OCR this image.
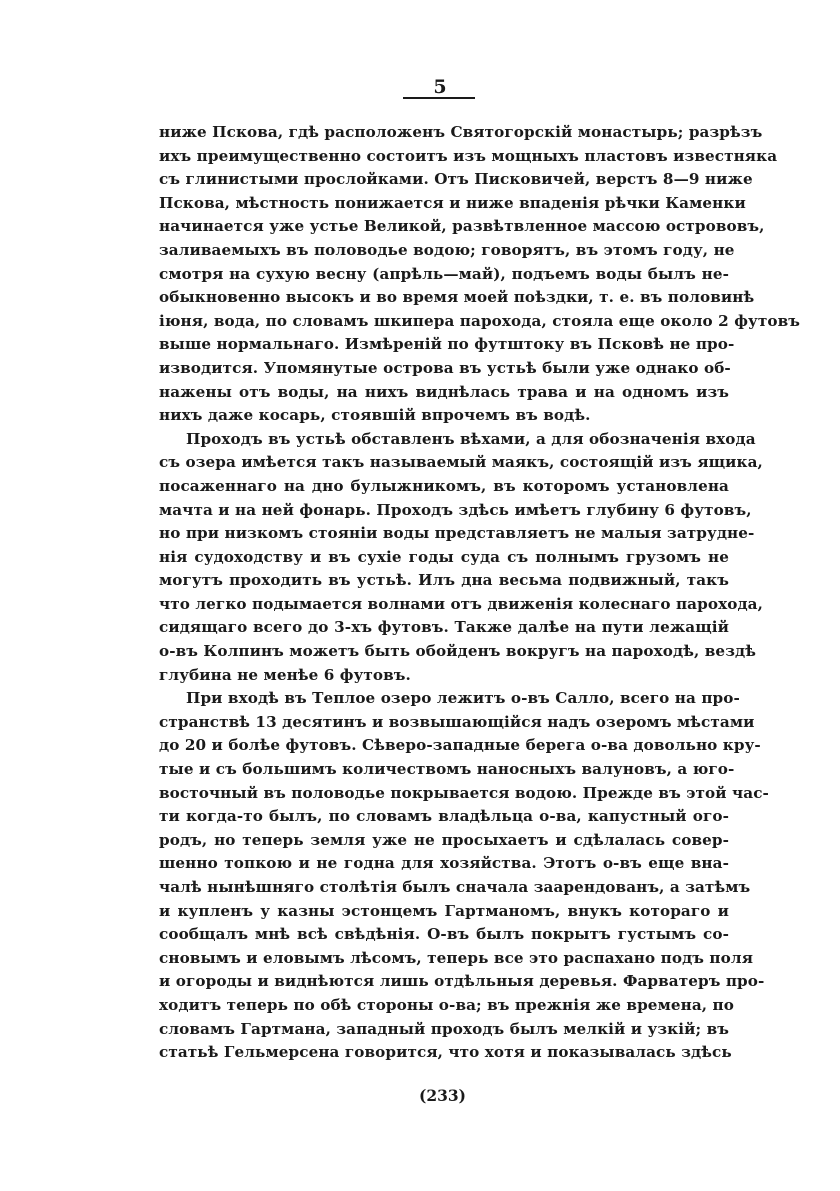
5
ниже Пскова, гдѣ расположенъ Святогорскій монастырь; разрѣзъ
ихъ преимущественно состоитъ изъ мощныхъ пластовъ известняка
съ глинистыми прослойками. Отъ Писковичей, верстъ 8—9 ниже
Пскова, мѣстность понижается и ниже впаденія рѣчки Каменки
начинается уже устье Великой, развѣтвленное массою острововъ,
заливаемыхъ въ половодье водою; говорятъ, въ этомъ году, не
смотря на сухую весну (апрѣль—май), подъемъ воды былъ не-
обыкновенно высокъ и во время моей поѣздки, т. е. въ половинѣ
іюня, вода, по словамъ шкипера парохода, стояла еще около 2 футовъ
выше нормальнаго. Измѣреній по футштоку въ Псковѣ не про-
изводится. Упомянутые острова въ устьѣ были уже однако об-
нажены отъ воды, на нихъ виднѣлась трава и на одномъ изъ
нихъ даже косарь, стоявшій впрочемъ въ водѣ.
Проходъ въ устьѣ обставленъ вѣхами, а для обозначенія входа
съ озера имѣется такъ называемый маякъ, состоящій изъ ящика,
посаженнаго на дно булыжникомъ, въ которомъ установлена
мачта и на ней фонарь. Проходъ здѣсь имѣетъ глубину 6 футовъ,
но при низкомъ стояніи воды представляетъ не малыя затрудне-
нія судоходству и въ сухіе годы суда съ полнымъ грузомъ не
могутъ проходить въ устьѣ. Илъ дна весьма подвижный, такъ
что легко подымается волнами отъ движенія колеснаго парохода,
сидящаго всего до 3-хъ футовъ. Также далѣе на пути лежащій
о-въ Колпинъ можетъ быть обойденъ вокругъ на пароходѣ, вездѣ
глубина не менѣе 6 футовъ.
При входѣ въ Теплое озеро лежитъ о-въ Салло, всего на про-
странствѣ 13 десятинъ и возвышающійся надъ озеромъ мѣстами
до 20 и болѣе футовъ. Сѣверо-западные берега о-ва довольно кру-
тые и съ большимъ количествомъ наносныхъ валуновъ, а юго-
восточный въ половодье покрывается водою. Прежде въ этой час-
ти когда-то былъ, по словамъ владѣльца о-ва, капустный ого-
родъ, но теперь земля уже не просыхаетъ и сдѣлалась совер-
шенно топкою и не годна для хозяйства. Этотъ о-въ еще вна-
чалѣ нынѣшняго столѣтія былъ сначала заарендованъ, а затѣмъ
и купленъ у казны эстонцемъ Гартманомъ, внукъ котораго и
сообщалъ мнѣ всѣ свѣдѣнія. О-въ былъ покрытъ густымъ со-
сновымъ и еловымъ лѣсомъ, теперь все это распахано подъ поля
и огороды и виднѣются лишь отдѣльныя деревья. Фарватеръ про-
ходитъ теперь по обѣ стороны о-ва; въ прежнія же времена, по
словамъ Гартмана, западный проходъ былъ мелкій и узкій; въ
статьѣ Гельмерсена говорится, что хотя и показывалась здѣсь
(233)
